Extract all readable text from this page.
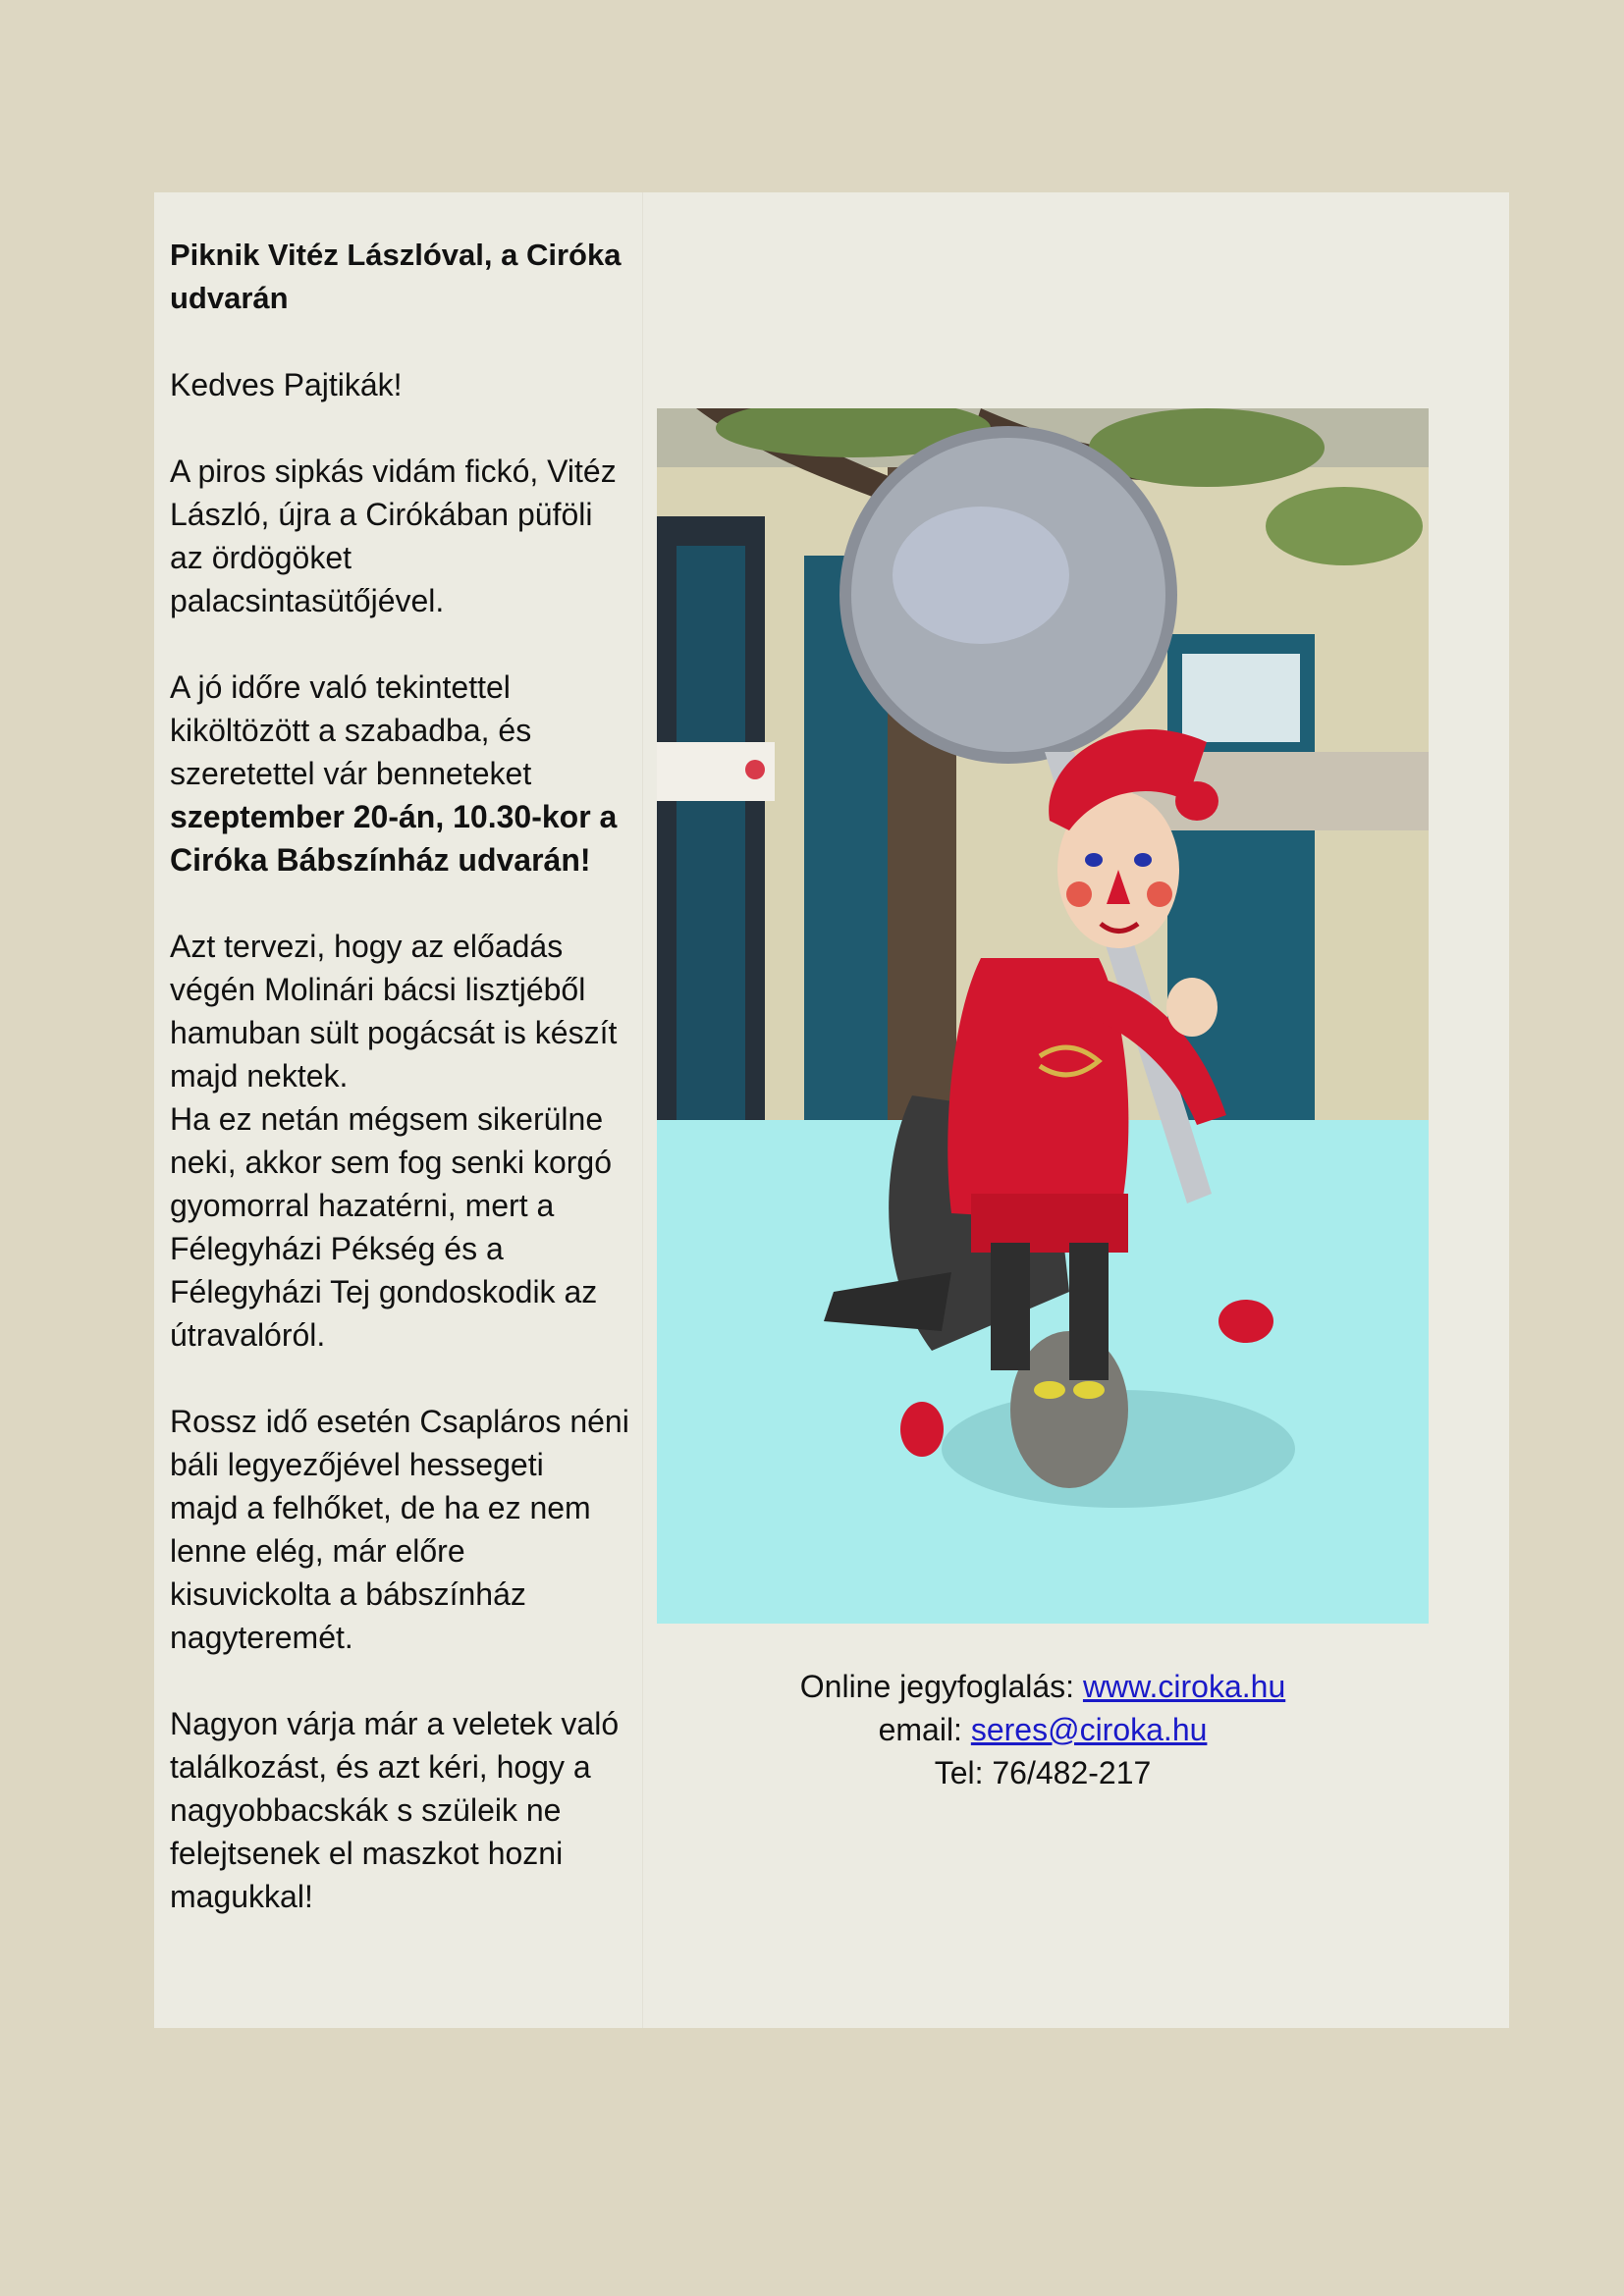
Piknik Vitéz Lászlóval, a Ciróka udvarán
Kedves Pajtikák!
A piros sipkás vidám fickó, Vitéz
László, újra a Cirókában püföli
az ördögöket
palacsintasütőjével.
A jó időre való tekintettel
kiköltözött a szabadba, és
szeretettel vár benneteket
szeptember 20-án, 10.30-kor a
Ciróka Bábszínház udvarán!
Azt tervezi, hogy az előadás
végén Molinári bácsi lisztjéből
hamuban sült pogácsát is készít
majd nektek.
Ha ez netán mégsem sikerülne
neki, akkor sem fog senki korgó
gyomorral hazatérni, mert a
Félegyházi Pékség és a
Félegyházi Tej gondoskodik az
útravalóról.
Rossz idő esetén Csapláros néni
báli legyezőjével hessegeti
majd a felhőket, de ha ez nem
lenne elég, már előre
kisuvickolta a bábszínház
nagyteremét.
Nagyon várja már a veletek való
találkozást, és azt kéri, hogy a
nagyobbacskák s szüleik ne
felejtsenek el maszkot hozni
magukkal!
Online jegyfoglalás: www.ciroka.hu
email: seres@ciroka.hu
Tel: 76/482-217
